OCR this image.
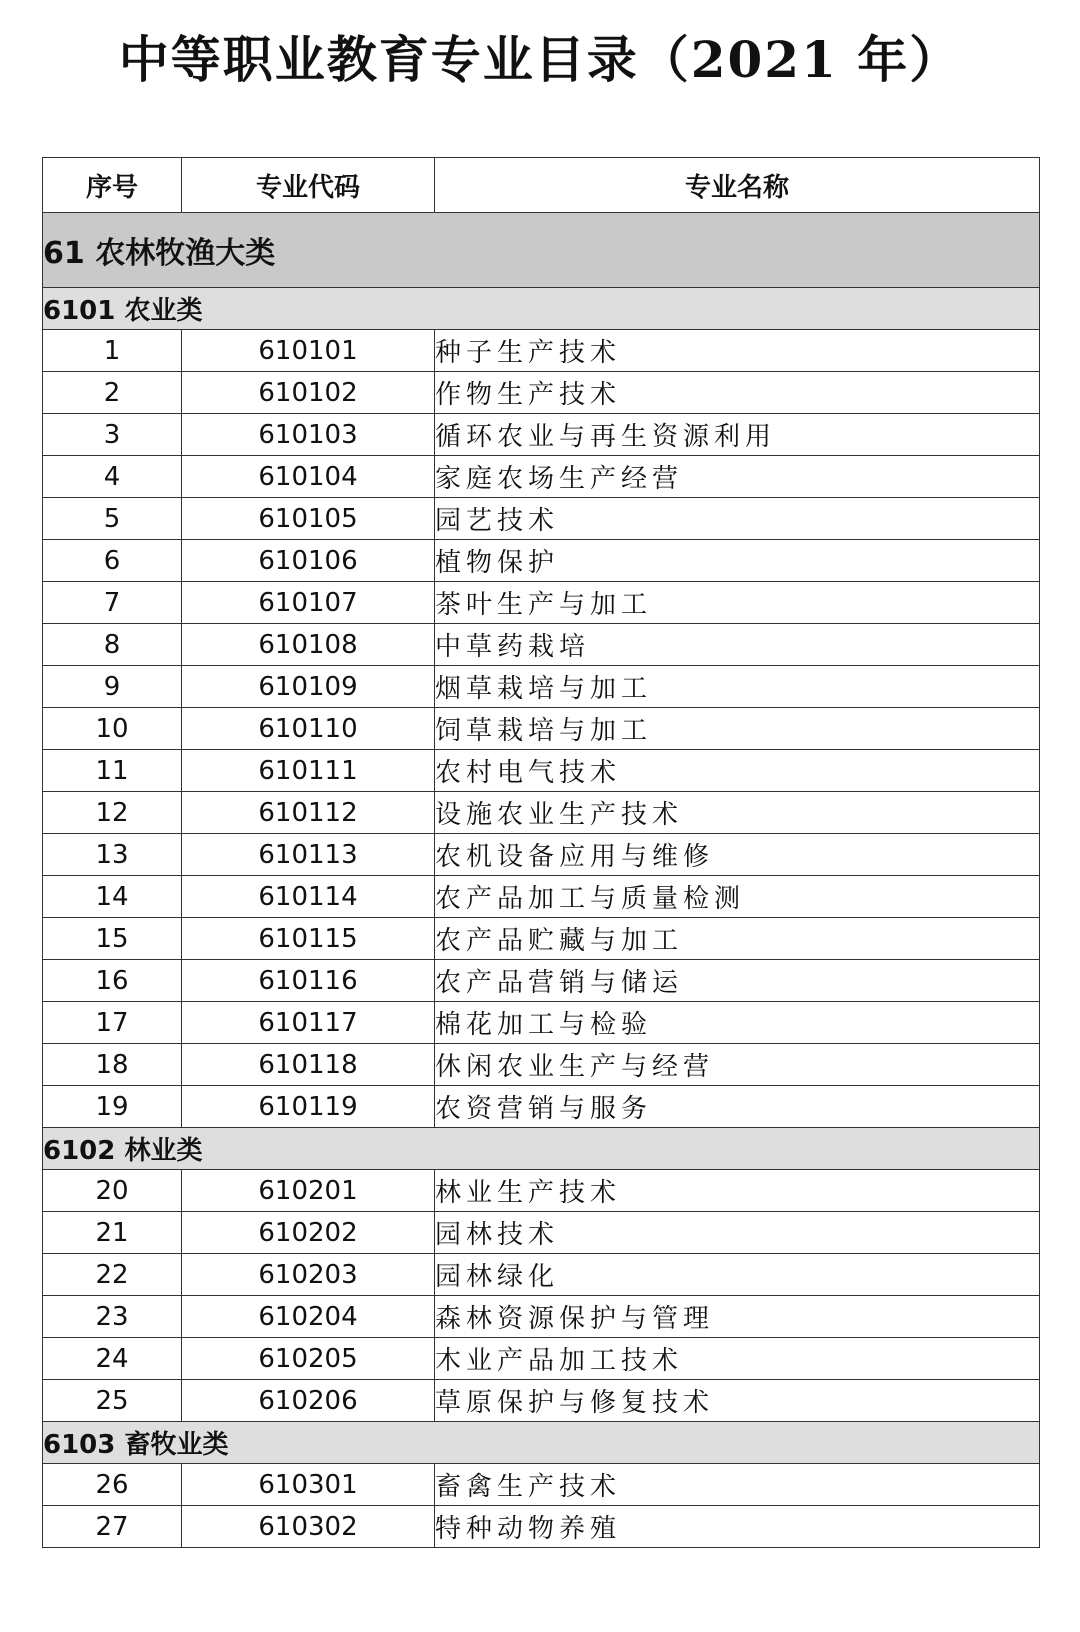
中等职业教育专业目录（2021 年）
序号	专业代码	专业名称
61 农林牧渔大类		
6101 农业类		
1	610101	种子生产技术
2	610102	作物生产技术
3	610103	循环农业与再生资源利用
4	610104	家庭农场生产经营
5	610105	园艺技术
6	610106	植物保护
7	610107	茶叶生产与加工
8	610108	中草药栽培
9	610109	烟草栽培与加工
10	610110	饲草栽培与加工
11	610111	农村电气技术
12	610112	设施农业生产技术
13	610113	农机设备应用与维修
14	610114	农产品加工与质量检测
15	610115	农产品贮藏与加工
16	610116	农产品营销与储运
17	610117	棉花加工与检验
18	610118	休闲农业生产与经营
19	610119	农资营销与服务
6102 林业类		
20	610201	林业生产技术
21	610202	园林技术
22	610203	园林绿化
23	610204	森林资源保护与管理
24	610205	木业产品加工技术
25	610206	草原保护与修复技术
6103 畜牧业类		
26	610301	畜禽生产技术
27	610302	特种动物养殖
